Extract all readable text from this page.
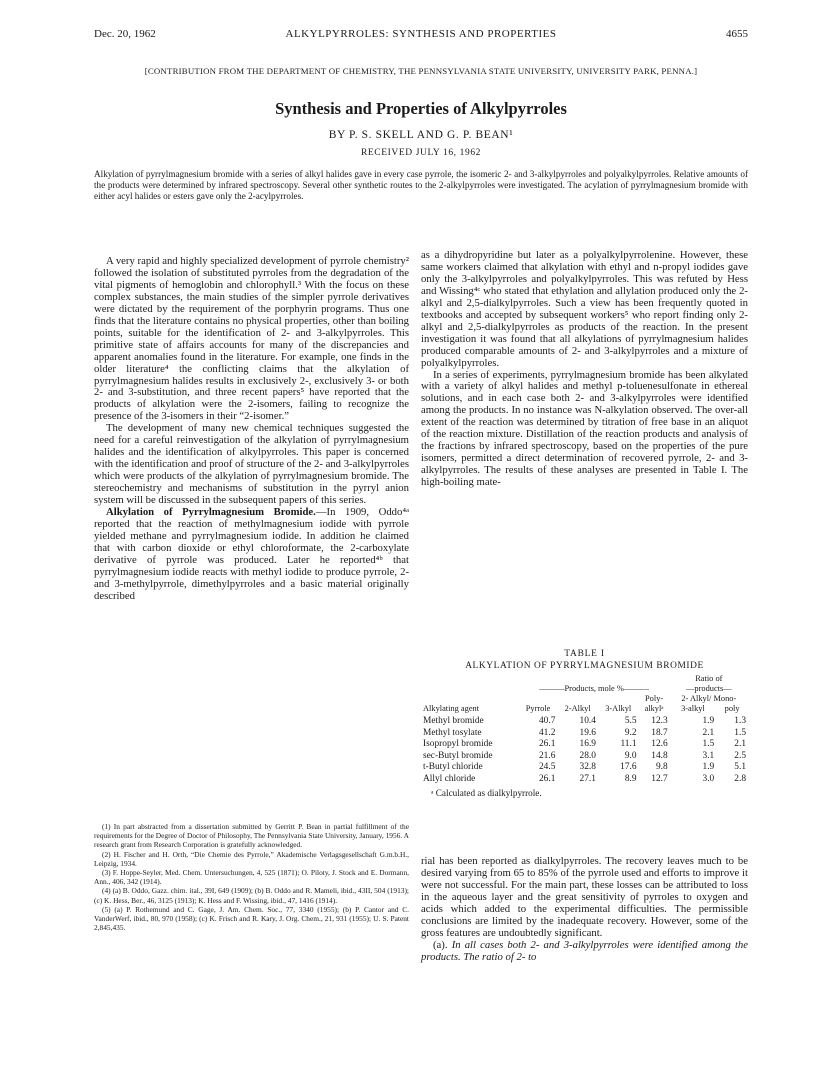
Dec. 20, 1962	ALKYLPYRROLES: SYNTHESIS AND PROPERTIES	4655
[CONTRIBUTION FROM THE DEPARTMENT OF CHEMISTRY, THE PENNSYLVANIA STATE UNIVERSITY, UNIVERSITY PARK, PENNA.]
Synthesis and Properties of Alkylpyrroles
BY P. S. SKELL AND G. P. BEAN¹
RECEIVED JULY 16, 1962

Alkylation of pyrrylmagnesium bromide with a series of alkyl halides gave in every case pyrrole, the isomeric 2- and 3-alkylpyrroles and polyalkylpyrroles. Relative amounts of the products were determined by infrared spectroscopy. Several other synthetic routes to the 2-alkylpyrroles were investigated. The acylation of pyrrylmagnesium bromide with either acyl halides or esters gave only the 2-acylpyrroles.

A very rapid and highly specialized development of pyrrole chemistry² followed the isolation of substituted pyrroles from the degradation of the vital pigments of hemoglobin and chlorophyll.³ With the focus on these complex substances, the main studies of the simpler pyrrole derivatives were dictated by the requirement of the porphyrin programs. Thus one finds that the literature contains no physical properties, other than boiling points, suitable for the identification of 2- and 3-alkylpyrroles. This primitive state of affairs accounts for many of the discrepancies and apparent anomalies found in the literature. For example, one finds in the older literature⁴ the conflicting claims that the alkylation of pyrrylmagnesium halides results in exclusively 2-, exclusively 3- or both 2- and 3-substitution, and three recent papers⁵ have reported that the products of alkylation were the 2-isomers, failing to recognize the presence of the 3-isomers in their “2-isomer.”

The development of many new chemical techniques suggested the need for a careful reinvestigation of the alkylation of pyrrylmagnesium halides and the identification of alkylpyrroles. This paper is concerned with the identification and proof of structure of the 2- and 3-alkylpyrroles which were products of the alkylation of pyrrylmagnesium bromide. The stereochemistry and mechanisms of substitution in the pyrryl anion system will be discussed in the subsequent papers of this series.

Alkylation of Pyrrylmagnesium Bromide.—In 1909, Oddo⁴ᵃ reported that the reaction of methylmagnesium iodide with pyrrole yielded methane and pyrrylmagnesium iodide. In addition he claimed that with carbon dioxide or ethyl chloroformate, the 2-carboxylate derivative of pyrrole was produced. Later he reported⁴ᵇ that pyrrylmagnesium iodide reacts with methyl iodide to produce pyrrole, 2- and 3-methylpyrrole, dimethylpyrroles and a basic material originally described

(1) In part abstracted from a dissertation submitted by Gerritt P. Bean in partial fulfillment of the requirements for the Degree of Doctor of Philosophy, The Pennsylvania State University, January, 1956. A research grant from Research Corporation is gratefully acknowledged.

(2) H. Fischer and H. Orth, “Die Chemie des Pyrrole,” Akademische Verlagsgesellschaft G.m.b.H., Leipzig, 1934.

(3) F. Hoppe-Seyler, Med. Chem. Untersuchungen, 4, 525 (1871); O. Piloty, J. Stock and E. Dormann, Ann., 406, 342 (1914).

(4) (a) B. Oddo, Gazz. chim. ital., 39I, 649 (1909); (b) B. Oddo and R. Mameli, ibid., 43II, 504 (1913); (c) K. Hess, Ber., 46, 3125 (1913); K. Hess and F. Wissing, ibid., 47, 1416 (1914).

(5) (a) P. Rothemund and C. Gage, J. Am. Chem. Soc., 77, 3340 (1955); (b) P. Cantor and C. VanderWerf, ibid., 80, 970 (1958); (c) K. Frisch and R. Kary, J. Org. Chem., 21, 931 (1955); U. S. Patent 2,845,435.

as a dihydropyridine but later as a polyalkylpyrrolenine. However, these same workers claimed that alkylation with ethyl and n-propyl iodides gave only the 3-alkylpyrroles and polyalkylpyrroles. This was refuted by Hess and Wissing⁴ᶜ who stated that ethylation and allylation produced only the 2-alkyl and 2,5-dialkylpyrroles. Such a view has been frequently quoted in textbooks and accepted by subsequent workers⁵ who report finding only 2-alkyl and 2,5-dialkylpyrroles as products of the reaction. In the present investigation it was found that all alkylations of pyrrylmagnesium halides produced comparable amounts of 2- and 3-alkylpyrroles and a mixture of polyalkylpyrroles.

In a series of experiments, pyrrylmagnesium bromide has been alkylated with a variety of alkyl halides and methyl p-toluenesulfonate in ethereal solutions, and in each case both 2- and 3-alkylpyrroles were identified among the products. In no instance was N-alkylation observed. The over-all extent of the reaction was determined by titration of free base in an aliquot of the reaction mixture. Distillation of the reaction products and analysis of the fractions by infrared spectroscopy, based on the properties of the pure isomers, permitted a direct determination of recovered pyrrole, 2- and 3-alkylpyrroles. The results of these analyses are presented in Table I. The high-boiling mate-

TABLE I
ALKYLATION OF PYRRYLMAGNESIUM BROMIDE
					Ratio of	
	———Products, mole %———				—products—	
				Poly-	2- Alkyl/ Mono-	
Alkylating agent	Pyrrole	2-Alkyl	3-Alkyl	alkylᵃ	3-alkyl	poly
Methyl bromide	40.7	10.4	5.5	12.3	1.9	1.3
Methyl tosylate	41.2	19.6	9.2	18.7	2.1	1.5
Isopropyl bromide	26.1	16.9	11.1	12.6	1.5	2.1
sec-Butyl bromide	21.6	28.0	9.0	14.8	3.1	2.5
t-Butyl chloride	24.5	32.8	17.6	9.8	1.9	5.1
Allyl chloride	26.1	27.1	8.9	12.7	3.0	2.8
ᵃ Calculated as dialkylpyrrole.

rial has been reported as dialkylpyrroles. The recovery leaves much to be desired varying from 65 to 85% of the pyrrole used and efforts to improve it were not successful. For the main part, these losses can be attributed to loss in the aqueous layer and the great sensitivity of pyrroles to oxygen and acids which added to the experimental difficulties. The permissible conclusions are limited by the inadequate recovery. However, some of the gross features are undoubtedly significant.

(a). In all cases both 2- and 3-alkylpyrroles were identified among the products. The ratio of 2- to
